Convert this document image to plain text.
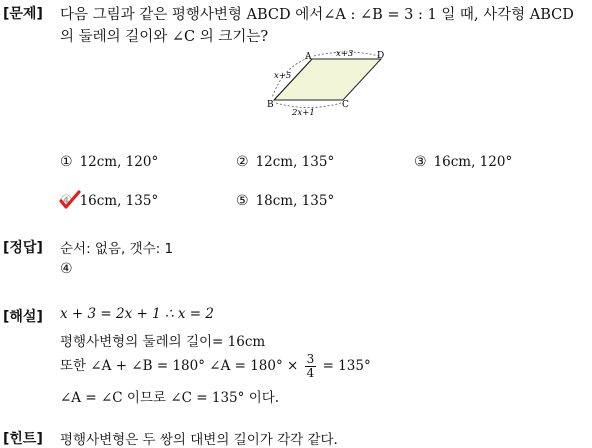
[문제] 다음 그림과 같은 평행사변형 ABCD 에서∠A : ∠B = 3 : 1 일 때, 사각형 ABCD
의 둘레의 길이와 ∠C 의 크기는?
A	D
B	C
x+3
x+5
2x+1
① 12cm, 120°	② 12cm, 135°	③ 16cm, 120°
④ 16cm, 135°	⑤ 18cm, 135°
[정답] 순서: 없음, 갯수: 1
④
[해설] x + 3 = 2x + 1 ∴ x = 2
평행사변형의 둘레의 길이= 16cm
또한 ∠A + ∠B = 180° ∠A = $180^\circ \times \frac{3}{4} = 135^\circ$
∠A = ∠C 이므로 ∠C = 135° 이다.
[힌트] 평행사변형은 두 쌍의 대변의 길이가 각각 같다.
